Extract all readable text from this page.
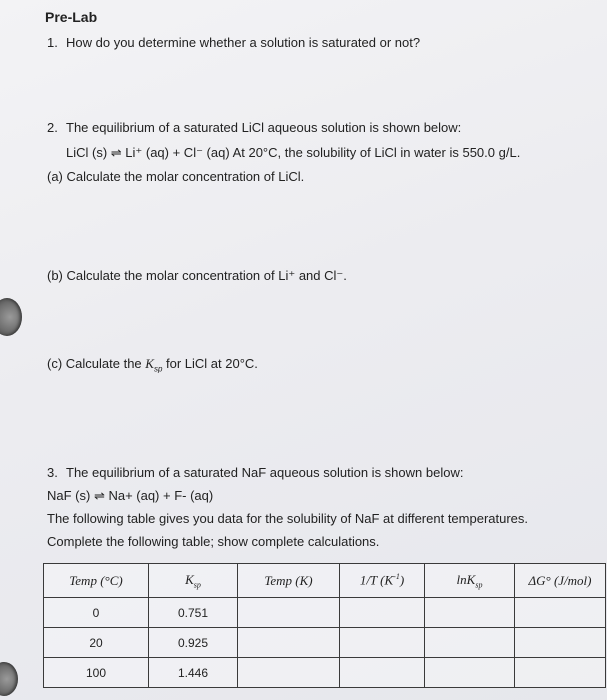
Pre-Lab
1. How do you determine whether a solution is saturated or not?
2. The equilibrium of a saturated LiCl aqueous solution is shown below:
LiCl (s) ⇌ Li⁺ (aq) + Cl⁻ (aq) At 20°C, the solubility of LiCl in water is 550.0 g/L.
(a) Calculate the molar concentration of LiCl.
(b) Calculate the molar concentration of Li⁺ and Cl⁻.
(c) Calculate the $K_{sp}$ for LiCl at 20°C.
3. The equilibrium of a saturated NaF aqueous solution is shown below:
NaF (s) ⇌ Na+ (aq) + F- (aq)
The following table gives you data for the solubility of NaF at different temperatures.
Complete the following table; show complete calculations.
Temp (°C)	$K_{sp}$	Temp (K)	1/T $(K^{-1})$	lnK$_{sp}$	ΔG° (J/mol)
0	0.751				
20	0.925				
100	1.446				
